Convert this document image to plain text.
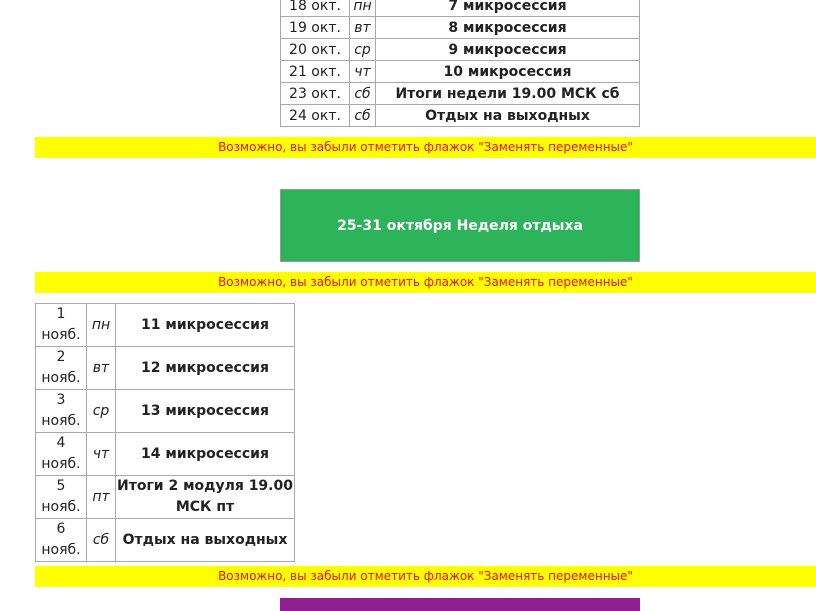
18 окт.	пн	7 микросессия
19 окт.	вт	8 микросессия
20 окт.	ср	9 микросессия
21 окт.	чт	10 микросессия
23 окт.	сб	Итоги недели 19.00 МСК сб
24 окт.	сб	Отдых на выходных
Возможно, вы забыли отметить флажок "Заменять переменные"
25-31 октября Неделя отдыха
Возможно, вы забыли отметить флажок "Заменять переменные"
1 нояб.	пн	11 микросессия
2 нояб.	вт	12 микросессия
3 нояб.	ср	13 микросессия
4 нояб.	чт	14 микросессия
5 нояб.	пт	Итоги 2 модуля 19.00 МСК пт
6 нояб.	сб	Отдых на выходных
Возможно, вы забыли отметить флажок "Заменять переменные"
